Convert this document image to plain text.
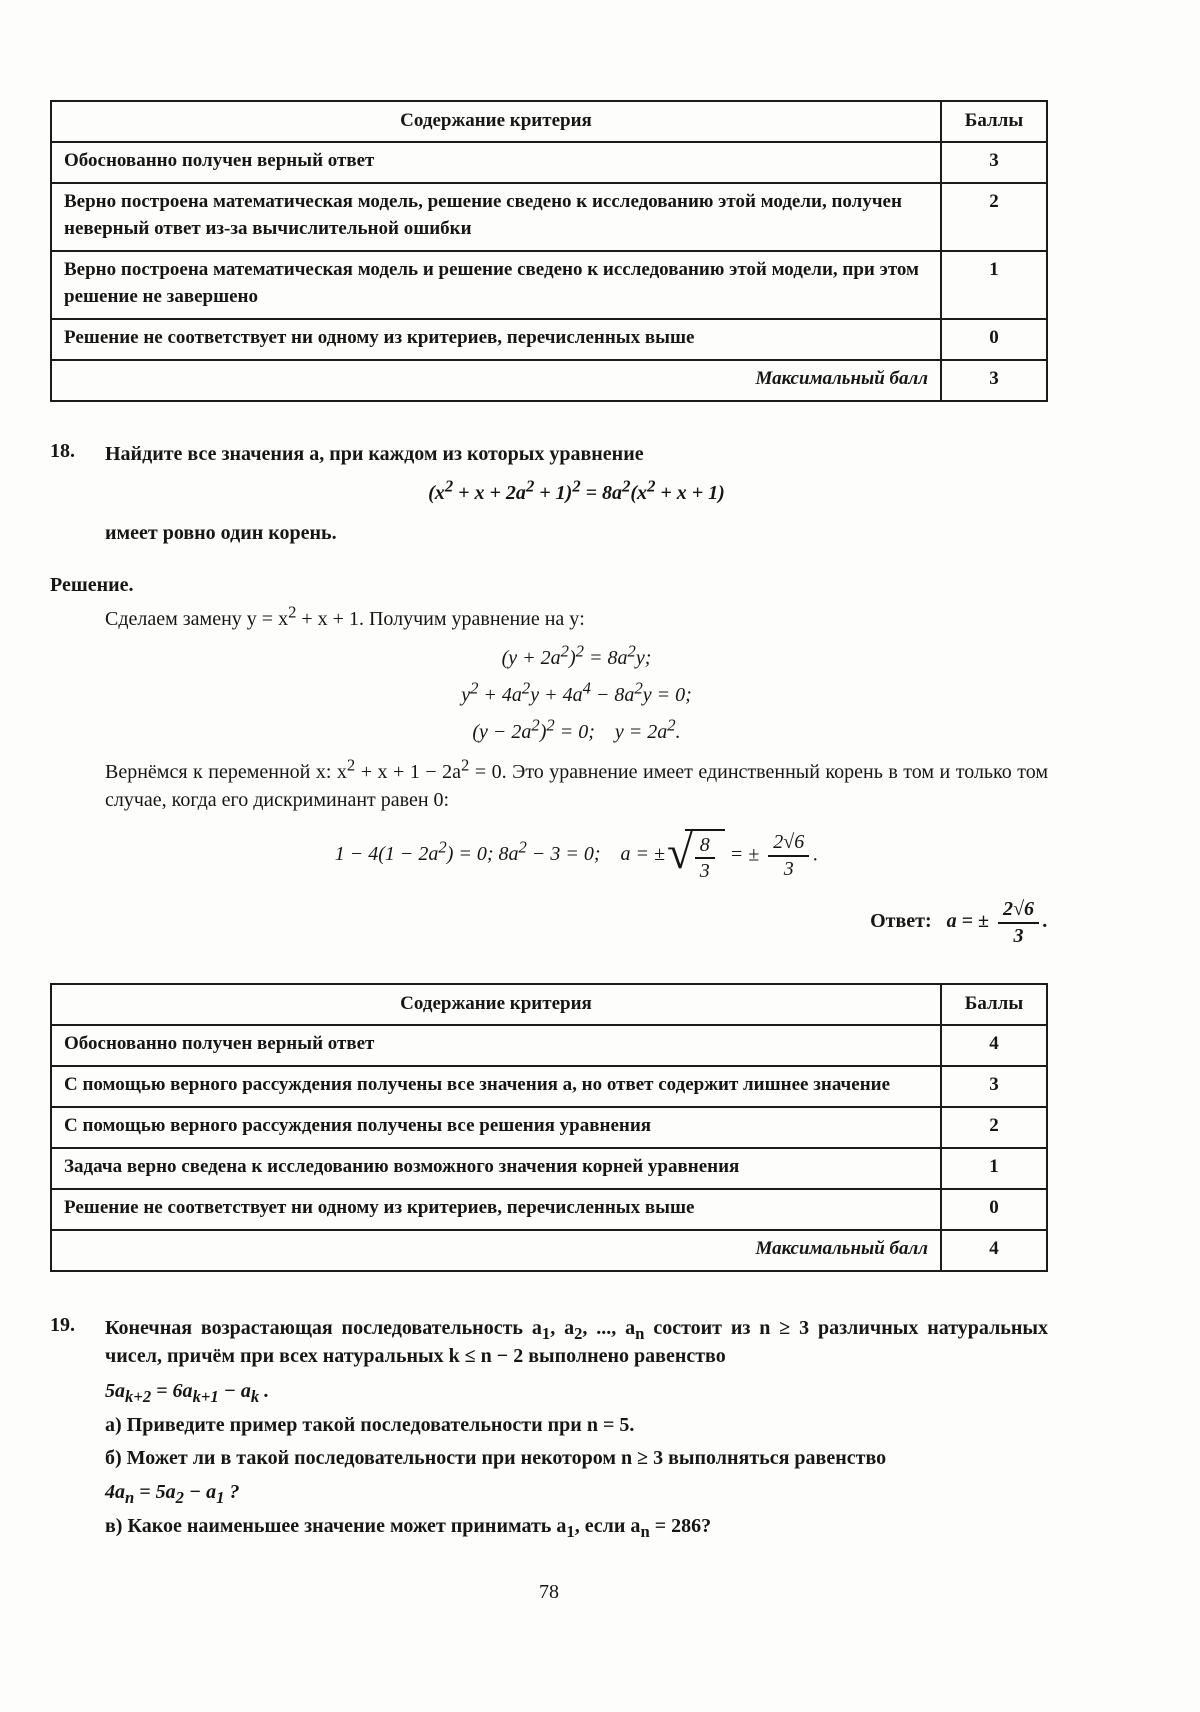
Содержание критерия	Баллы
Обоснованно получен верный ответ	3
Верно построена математическая модель, решение сведено к исследованию этой модели, получен неверный ответ из-за вычислительной ошибки	2
Верно построена математическая модель и решение сведено к исследованию этой модели, при этом решение не завершено	1
Решение не соответствует ни одному из критериев, перечисленных выше	0
Максимальный балл	3
18. Найдите все значения a, при каждом из которых уравнение

$(x^2 + x + 2a^2 + 1)^2 = 8a^2(x^2 + x + 1)$

имеет ровно один корень.

Решение.

Сделаем замену $y = x^2 + x + 1$. Получим уравнение на y:

$(y + 2a^2)^2 = 8a^2y$;
$y^2 + 4a^2y + 4a^4 - 8a^2y = 0$;
$(y - 2a^2)^2 = 0$; $y = 2a^2$.

Вернёмся к переменной x: $x^2 + x + 1 - 2a^2 = 0$. Это уравнение имеет единственный корень в том и только том случае, когда его дискриминант равен 0:

$1 - 4(1 - 2a^2) = 0$; $8a^2 - 3 = 0$; a = ± √ $\frac{8}{3}$ = ± $\frac{2√6}{3}$ .
Ответ: a = ± $\frac{2√6}{3}$ .
Содержание критерия	Баллы
Обоснованно получен верный ответ	4
С помощью верного рассуждения получены все значения a, но ответ содержит лишнее значение	3
С помощью верного рассуждения получены все решения уравнения	2
Задача верно сведена к исследованию возможного значения корней уравнения	1
Решение не соответствует ни одному из критериев, перечисленных выше	0
Максимальный балл	4
19. Конечная возрастающая последовательность $a_1$, $a_2$, ..., $a_n$ состоит из n ≥ 3 различных натуральных чисел, причём при всех натуральных k ≤ n − 2 выполнено равенство

$5a_{k+2} = 6a_{k+1} - a_k$ .

а) Приведите пример такой последовательности при n = 5.

б) Может ли в такой последовательности при некотором n ≥ 3 выполняться равенство

$4a_n = 5a_2 - a_1$ ?

в) Какое наименьшее значение может принимать $a_1$, если $a_n = 286$?

78
